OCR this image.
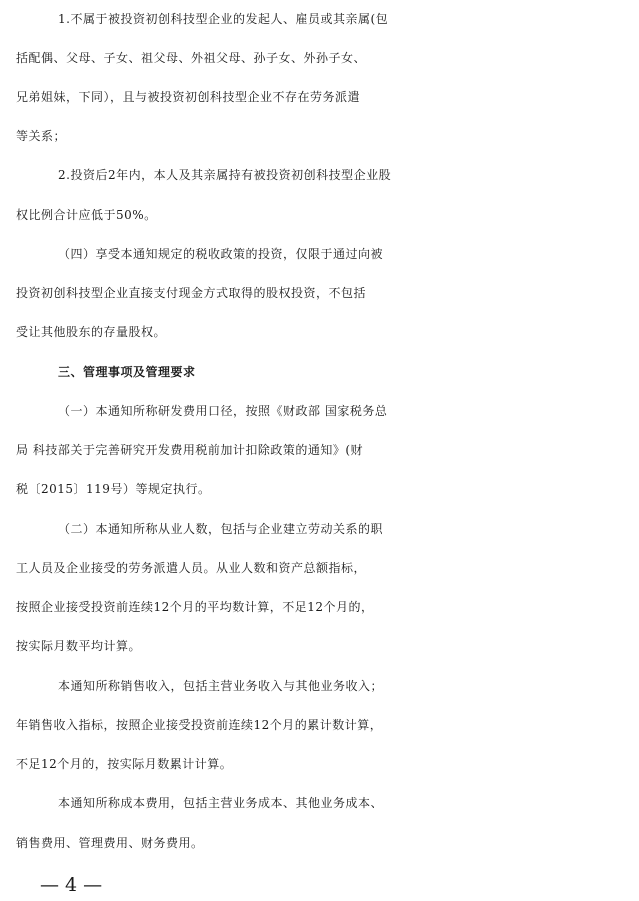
1.不属于被投资初创科技型企业的发起人、雇员或其亲属(包
括配偶、父母、子女、祖父母、外祖父母、孙子女、外孙子女、
兄弟姐妹，下同），且与被投资初创科技型企业不存在劳务派遣
等关系；
2.投资后2年内，本人及其亲属持有被投资初创科技型企业股
权比例合计应低于50%。
（四）享受本通知规定的税收政策的投资，仅限于通过向被
投资初创科技型企业直接支付现金方式取得的股权投资，不包括
受让其他股东的存量股权。
三、管理事项及管理要求
（一）本通知所称研发费用口径，按照《财政部 国家税务总
局 科技部关于完善研究开发费用税前加计扣除政策的通知》(财
税〔2015〕119号）等规定执行。
（二）本通知所称从业人数，包括与企业建立劳动关系的职
工人员及企业接受的劳务派遣人员。从业人数和资产总额指标，
按照企业接受投资前连续12个月的平均数计算，不足12个月的，
按实际月数平均计算。
本通知所称销售收入，包括主营业务收入与其他业务收入；
年销售收入指标，按照企业接受投资前连续12个月的累计数计算，
不足12个月的，按实际月数累计计算。
本通知所称成本费用，包括主营业务成本、其他业务成本、
销售费用、管理费用、财务费用。
— 4 —
